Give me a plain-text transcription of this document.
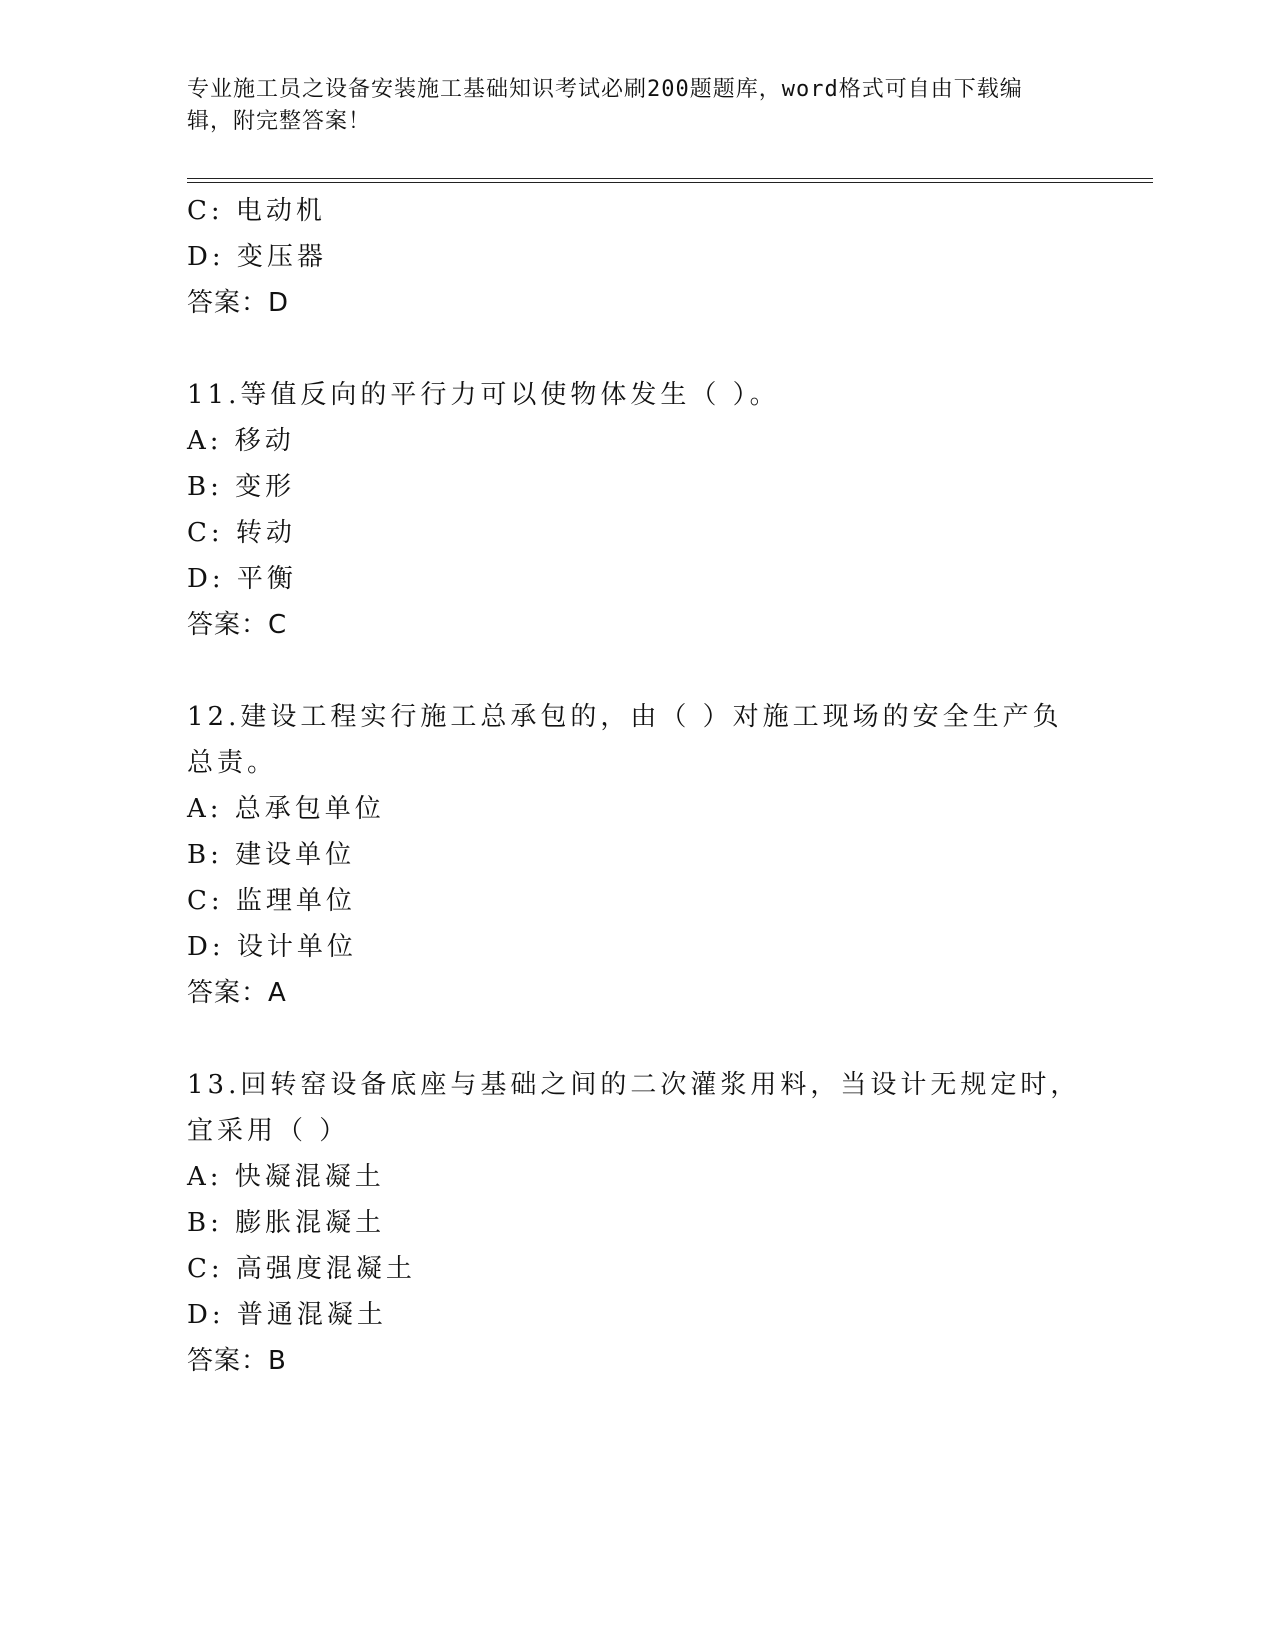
专业施工员之设备安装施工基础知识考试必刷200题题库，word格式可自由下载编辑，附完整答案！
C: 电动机
D: 变压器
答案：D
11.等值反向的平行力可以使物体发生（ ）。
A: 移动
B: 变形
C: 转动
D: 平衡
答案：C
12.建设工程实行施工总承包的，由（ ）对施工现场的安全生产负总责。
A: 总承包单位
B: 建设单位
C: 监理单位
D: 设计单位
答案：A
13.回转窑设备底座与基础之间的二次灌浆用料，当设计无规定时，宜采用（ ）
A: 快凝混凝土
B: 膨胀混凝土
C: 高强度混凝土
D: 普通混凝土
答案：B
